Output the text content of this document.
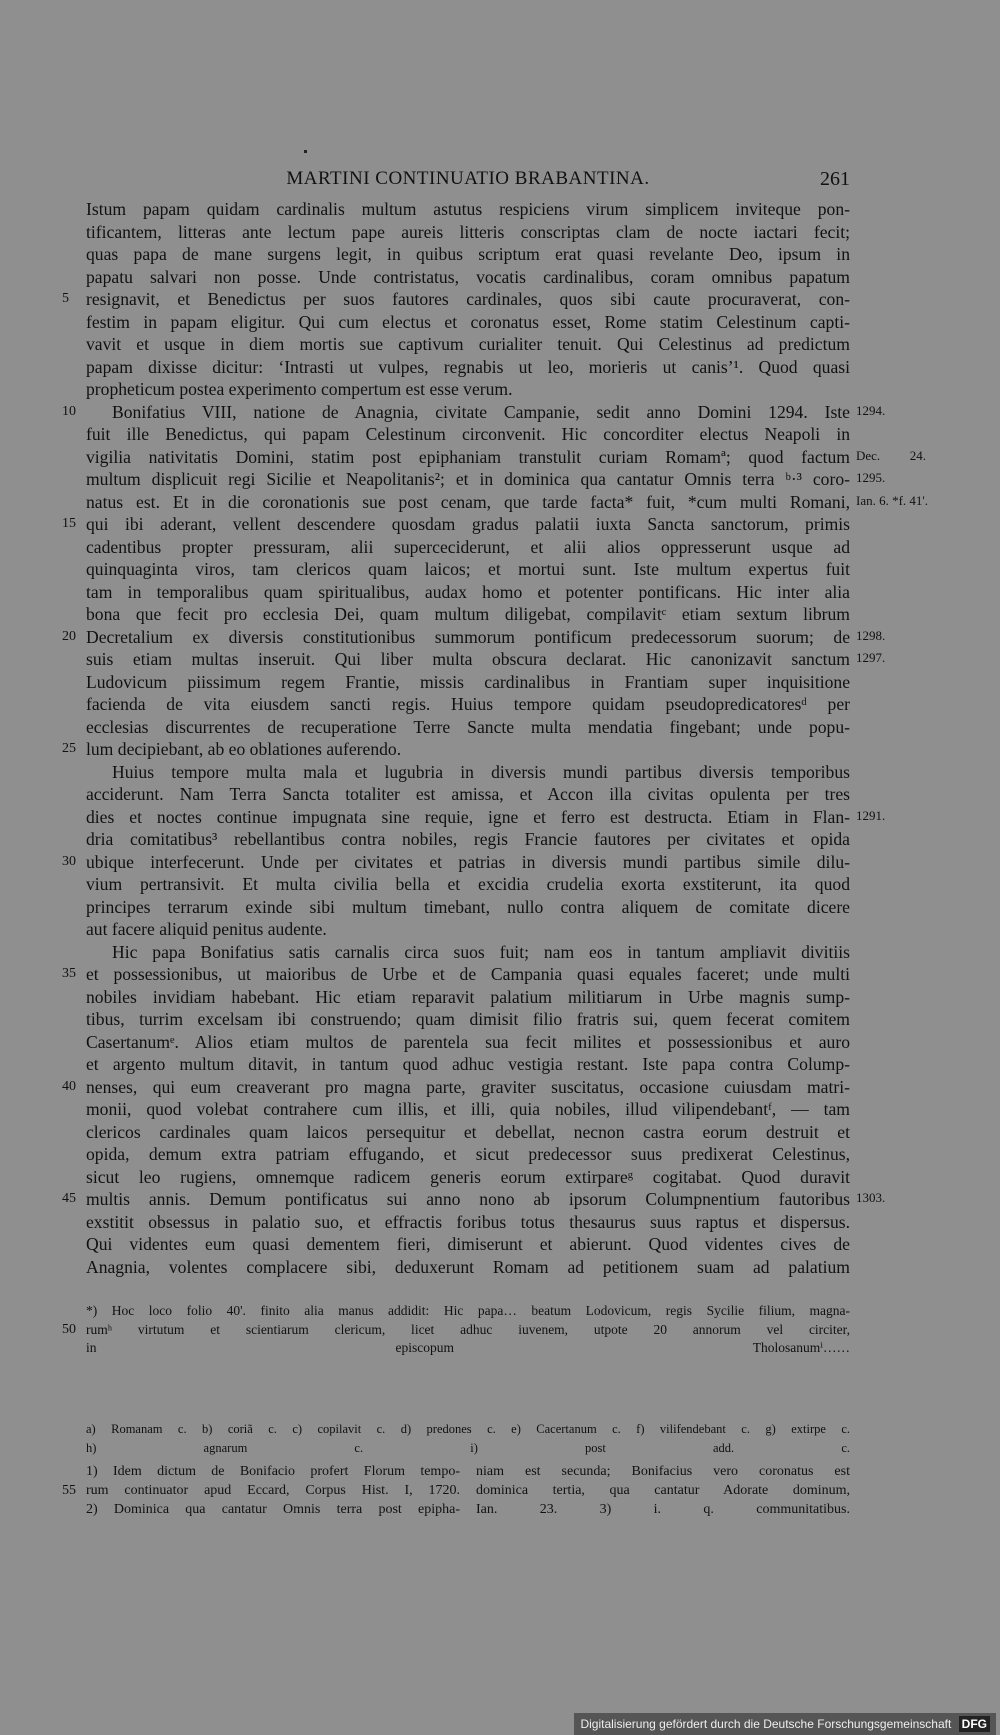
MARTINI CONTINUATIO BRABANTINA.	261
Istum papam quidam cardinalis multum astutus respiciens virum simplicem inviteque pon-
tificantem, litteras ante lectum pape aureis litteris conscriptas clam de nocte iactari fecit;
quas papa de mane surgens legit, in quibus scriptum erat quasi revelante Deo, ipsum in
papatu salvari non posse. Unde contristatus, vocatis cardinalibus, coram omnibus papatum
resignavit, et Benedictus per suos fautores cardinales, quos sibi caute procuraverat, con-
5
festim in papam eligitur. Qui cum electus et coronatus esset, Rome statim Celestinum capti-
vavit et usque in diem mortis sue captivum curialiter tenuit. Qui Celestinus ad predictum
papam dixisse dicitur: ‘Intrasti ut vulpes, regnabis ut leo, morieris ut canis’¹. Quod quasi
propheticum postea experimento compertum est esse verum.
Bonifatius VIII, natione de Anagnia, civitate Campanie, sedit anno Domini 1294. Iste
10	1294.
fuit ille Benedictus, qui papam Celestinum circonvenit. Hic concorditer electus Neapoli in
vigilia nativitatis Domini, statim post epiphaniam transtulit curiam Romamª; quod factum Dec. 24.
multum displicuit regi Sicilie et Neapolitanis²; et in dominica qua cantatur Omnis terra ᵇ·³ coro- 1295.
natus est. Et in die coronationis sue post cenam, que tarde facta* fuit, *cum multi Romani, Ian. 6. *f. 41'.
qui ibi aderant, vellent descendere quosdam gradus palatii iuxta Sancta sanctorum, primis
15
cadentibus propter pressuram, alii superceciderunt, et alii alios oppresserunt usque ad
quinquaginta viros, tam clericos quam laicos; et mortui sunt. Iste multum expertus fuit
tam in temporalibus quam spiritualibus, audax homo et potenter pontificans. Hic inter alia
bona que fecit pro ecclesia Dei, quam multum diligebat, compilavitᶜ etiam sextum librum
Decretalium ex diversis constitutionibus summorum pontificum predecessorum suorum; de
20	1298.
suis etiam multas inseruit. Qui liber multa obscura declarat. Hic canonizavit sanctum 1297.
Ludovicum piissimum regem Frantie, missis cardinalibus in Frantiam super inquisitione
facienda de vita eiusdem sancti regis. Huius tempore quidam pseudopredicatoresᵈ per
ecclesias discurrentes de recuperatione Terre Sancte multa mendatia fingebant; unde popu-
lum decipiebant, ab eo oblationes auferendo.
25
Huius tempore multa mala et lugubria in diversis mundi partibus diversis temporibus
acciderunt. Nam Terra Sancta totaliter est amissa, et Accon illa civitas opulenta per tres
dies et noctes continue impugnata sine requie, igne et ferro est destructa. Etiam in Flan- 1291.
dria comitatibus³ rebellantibus contra nobiles, regis Francie fautores per civitates et opida
ubique interfecerunt. Unde per civitates et patrias in diversis mundi partibus simile dilu-
30
vium pertransivit. Et multa civilia bella et excidia crudelia exorta exstiterunt, ita quod
principes terrarum exinde sibi multum timebant, nullo contra aliquem de comitate dicere
aut facere aliquid penitus audente.
Hic papa Bonifatius satis carnalis circa suos fuit; nam eos in tantum ampliavit divitiis
et possessionibus, ut maioribus de Urbe et de Campania quasi equales faceret; unde multi
35
nobiles invidiam habebant. Hic etiam reparavit palatium militiarum in Urbe magnis sump-
tibus, turrim excelsam ibi construendo; quam dimisit filio fratris sui, quem fecerat comitem
Casertanumᵉ. Alios etiam multos de parentela sua fecit milites et possessionibus et auro
et argento multum ditavit, in tantum quod adhuc vestigia restant. Iste papa contra Colump-
nenses, qui eum creaverant pro magna parte, graviter suscitatus, occasione cuiusdam matri-
40
monii, quod volebat contrahere cum illis, et illi, quia nobiles, illud vilipendebantᶠ, — tam
clericos cardinales quam laicos persequitur et debellat, necnon castra eorum destruit et
opida, demum extra patriam effugando, et sicut predecessor suus predixerat Celestinus,
sicut leo rugiens, omnemque radicem generis eorum extirpareᵍ cogitabat. Quod duravit
multis annis. Demum pontificatus sui anno nono ab ipsorum Columpnentium fautoribus
45	1303.
exstitit obsessus in palatio suo, et effractis foribus totus thesaurus suus raptus et dispersus.
Qui videntes eum quasi dementem fieri, dimiserunt et abierunt. Quod videntes cives de
Anagnia, volentes complacere sibi, deduxerunt Romam ad petitionem suam ad palatium
*) Hoc loco folio 40'. finito alia manus addidit: Hic papa… beatum Lodovicum, regis Sycilie filium, magna-
rumʰ virtutum et scientiarum clericum, licet adhuc iuvenem, utpote 20 annorum vel circiter,
50
in episcopum Tholosanumⁱ……
a) Romanam c. b) coriã c. c) copilavit c. d) predones c. e) Cacertanum c. f) vilifendebant c. g) extirpe c.
h) agnarum c. i) post add. c.
1) Idem dictum de Bonifacio profert Florum tempo-
rum continuator apud Eccard, Corpus Hist. I, 1720.
55
2) Dominica qua cantatur Omnis terra post epipha-
niam est secunda; Bonifacius vero coronatus est
dominica tertia, qua cantatur Adorate dominum,
Ian. 23. 3) i. q. communitatibus.
Digitalisierung gefördert durch die Deutsche Forschungsgemeinschaft DFG
